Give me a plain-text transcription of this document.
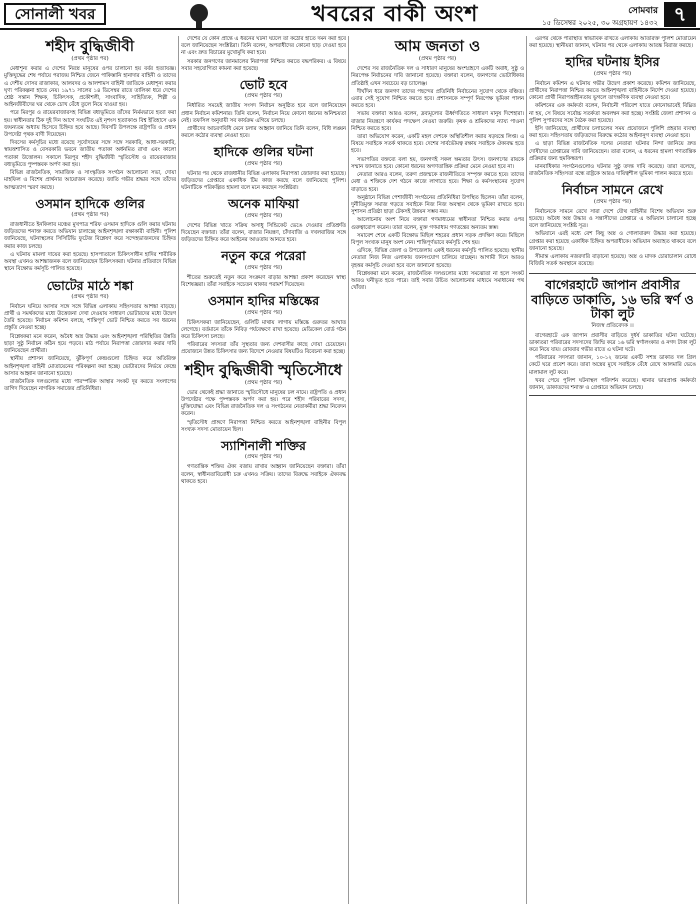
সোনালী খবর	খবরের বাকী অংশ	সোমবার
১৫ ডিসেম্বর ২০২৫, ৩০ অগ্রহায়ণ ১৪৩২ ৭
শহীদ বুদ্ধিজীবী
(প্রথম পৃষ্ঠার পর)

মেধাশূন্য করার এ দেশের নিরস্ত্র মানুষের ওপর চালানো হয় বর্বর হত্যাযজ্ঞ। মুক্তিযুদ্ধের শেষ পর্যায়ে পরাজয় নিশ্চিত জেনে পাকিস্তানি হানাদার বাহিনী ও তাদের এ দেশীয় দোসর রাজাকার, আলবদর ও আলশামস বাহিনী জাতিকে মেধাশূন্য করার ঘৃণ্য পরিকল্পনা হাতে নেয়। ১৯৭১ সালের ১৪ ডিসেম্বর রাতে তালিকা ধরে দেশের শ্রেষ্ঠ সন্তান শিক্ষক, চিকিৎসক, প্রকৌশলী, সাংবাদিক, সাহিত্যিক, শিল্পী ও আইনজীবীদের ঘর থেকে চোখ বেঁধে তুলে নিয়ে যাওয়া হয়।

পরে মিরপুর ও রায়েরবাজারসহ বিভিন্ন বধ্যভূমিতে তাঁদের নির্মমভাবে হত্যা করা হয়। স্বাধীনতার ঠিক দুই দিন আগে সংঘটিত এই নৃশংস হত্যাকাণ্ড বিশ্ব ইতিহাসে এক জঘন্যতম অধ্যায় হিসেবে চিহ্নিত হয়ে আছে। দিবসটি উপলক্ষে রাষ্ট্রপতি ও প্রধান উপদেষ্টা পৃথক বাণী দিয়েছেন।

দিবসের কর্মসূচির মধ্যে রয়েছে সূর্যোদয়ের সঙ্গে সঙ্গে সরকারি, আধা-সরকারি, স্বায়ত্তশাসিত ও বেসরকারি ভবনে জাতীয় পতাকা অর্ধনমিত রাখা এবং কালো পতাকা উত্তোলন। সকালে মিরপুর শহীদ বুদ্ধিজীবী স্মৃতিসৌধ ও রায়েরবাজার বধ্যভূমিতে পুষ্পস্তবক অর্পণ করা হয়।

বিভিন্ন রাজনৈতিক, সামাজিক ও সাংস্কৃতিক সংগঠন আলোচনা সভা, দোয়া মাহফিল ও বিশেষ প্রার্থনার আয়োজন করেছে। জাতি গভীর শ্রদ্ধার সঙ্গে তাঁদের আত্মত্যাগ স্মরণ করছে।

ওসমান হাদিকে গুলির
(প্রথম পৃষ্ঠার পর)

রাজধানীতে ইনকিলাব মঞ্চের মুখপাত্র শরিফ ওসমান হাদিকে গুলি করার ঘটনায় জড়িতদের শনাক্ত করতে অভিযান চালাচ্ছে আইনশৃঙ্খলা রক্ষাকারী বাহিনী। পুলিশ জানিয়েছে, ঘটনাস্থলের সিসিটিভি ফুটেজ বিশ্লেষণ করে সন্দেহভাজনদের চিহ্নিত করার কাজ চলছে।

এ ঘটনায় মামলা দায়ের করা হয়েছে। হাসপাতালে চিকিৎসাধীন হাদির শারীরিক অবস্থা এখনও আশঙ্কাজনক বলে জানিয়েছেন চিকিৎসকরা। ঘটনার প্রতিবাদে বিভিন্ন স্থানে বিক্ষোভ কর্মসূচি পালিত হয়েছে।

ভোটের মাঠে শঙ্কা
(প্রথম পৃষ্ঠার পর)

নির্বাচন ঘনিয়ে আসার সঙ্গে সঙ্গে বিভিন্ন এলাকায় সহিংসতার আশঙ্কা বাড়ছে। প্রার্থী ও সমর্থকদের মধ্যে উত্তেজনা দেখা দেওয়ায় সাধারণ ভোটারদের মধ্যে উদ্বেগ তৈরি হয়েছে। নির্বাচন কমিশন বলছে, শান্তিপূর্ণ ভোট নিশ্চিত করতে সব ধরনের প্রস্তুতি নেওয়া হচ্ছে।

বিশ্লেষকরা মনে করেন, অবৈধ অস্ত্র উদ্ধার এবং আইনশৃঙ্খলা পরিস্থিতির উন্নতি ছাড়া সুষ্ঠু নির্বাচন কঠিন হয়ে পড়বে। মাঠ পর্যায়ে নিরাপত্তা জোরদার করার দাবি জানিয়েছেন প্রার্থীরা।

স্থানীয় প্রশাসন জানিয়েছে, ঝুঁকিপূর্ণ কেন্দ্রগুলো চিহ্নিত করে অতিরিক্ত আইনশৃঙ্খলা বাহিনী মোতায়েনের পরিকল্পনা করা হচ্ছে। ভোটারদের নির্ভয়ে কেন্দ্রে আসার আহ্বান জানানো হয়েছে।

রাজনৈতিক দলগুলোর মধ্যে পারস্পরিক আস্থার সংকট দূর করতে সংলাপের তাগিদ দিয়েছেন নাগরিক সমাজের প্রতিনিধিরা।

দেশের যে কোন প্রান্তে এ ধরনের ঘটনা ঘটলে তা কঠোর হাতে দমন করা হবে বলে জানিয়েছেন সংশ্লিষ্টরা। তিনি বলেন, অপরাধীদের কোনো ছাড় দেওয়া হবে না এবং দ্রুত বিচারের মুখোমুখি করা হবে।

সরকার জনগণের জানমালের নিরাপত্তা নিশ্চিত করতে বদ্ধপরিকর। এ বিষয়ে সবার সহযোগিতা কামনা করা হয়েছে।

ভোট হবে
(প্রথম পৃষ্ঠার পর)

নির্ধারিত সময়েই জাতীয় সংসদ নির্বাচন অনুষ্ঠিত হবে বলে জানিয়েছেন প্রধান নির্বাচন কমিশনার। তিনি বলেন, নির্বাচন নিয়ে কোনো ধরনের অনিশ্চয়তা নেই। তফসিল অনুযায়ী সব কার্যক্রম এগিয়ে চলছে।

প্রার্থীদের আচরণবিধি মেনে চলার আহ্বান জানিয়ে তিনি বলেন, বিধি লঙ্ঘন করলে কঠোর ব্যবস্থা নেওয়া হবে।

হাদিকে গুলির ঘটনা
(প্রথম পৃষ্ঠার পর)

ঘটনার পর থেকে রাজধানীর বিভিন্ন এলাকায় নিরাপত্তা জোরদার করা হয়েছে। জড়িতদের গ্রেপ্তারে একাধিক টিম কাজ করছে বলে জানিয়েছে পুলিশ। ঘটনাটিকে পরিকল্পিত হামলা বলে মনে করছেন সংশ্লিষ্টরা।

অনেক মাফিয়া
(প্রথম পৃষ্ঠার পর)

দেশের বিভিন্ন খাতে সক্রিয় অসাধু সিন্ডিকেট ভেঙে দেওয়ার প্রতিশ্রুতি দিয়েছেন বক্তারা। তাঁরা বলেন, বাজার নিয়ন্ত্রণ, চাঁদাবাজি ও দখলবাজির সঙ্গে জড়িতদের চিহ্নিত করে আইনের আওতায় আনতে হবে।

নতুন করে পরেরা
(প্রথম পৃষ্ঠার পর)

শীতের শুরুতেই নতুন করে সংক্রমণ বাড়ার আশঙ্কা প্রকাশ করেছেন স্বাস্থ্য বিশেষজ্ঞরা। তাঁরা সবাইকে সচেতন থাকার পরামর্শ দিয়েছেন।

ওসমান হাদির মস্তিষ্কের
(প্রথম পৃষ্ঠার পর)

চিকিৎসকরা জানিয়েছেন, গুলিটি মাথায় লাগায় মস্তিষ্কে গুরুতর আঘাত লেগেছে। বর্তমানে তাঁকে নিবিড় পর্যবেক্ষণে রাখা হয়েছে। মেডিকেল বোর্ড গঠন করে চিকিৎসা চলছে।

পরিবারের সদস্যরা তাঁর সুস্থতার জন্য দেশবাসীর কাছে দোয়া চেয়েছেন। প্রয়োজনে উন্নত চিকিৎসার জন্য বিদেশে নেওয়ার বিষয়টিও বিবেচনা করা হচ্ছে।

শহীদ বুদ্ধিজীবী স্মৃতিসৌধে
(প্রথম পৃষ্ঠার পর)

ভোর থেকেই শ্রদ্ধা জানাতে স্মৃতিসৌধে মানুষের ঢল নামে। রাষ্ট্রপতি ও প্রধান উপদেষ্টার পক্ষে পুষ্পস্তবক অর্পণ করা হয়। পরে শহীদ পরিবারের সদস্য, মুক্তিযোদ্ধা এবং বিভিন্ন রাজনৈতিক দল ও সংগঠনের নেতাকর্মীরা শ্রদ্ধা নিবেদন করেন।

স্মৃতিসৌধ প্রাঙ্গণে নিরাপত্তা নিশ্চিত করতে আইনশৃঙ্খলা বাহিনীর বিপুল সংখ্যক সদস্য মোতায়েন ছিল।

স্যাশিনালী শক্তির
(প্রথম পৃষ্ঠার পর)

গণতান্ত্রিক শক্তির ঐক্য বজায় রাখার আহ্বান জানিয়েছেন বক্তারা। তাঁরা বলেন, স্বাধীনতাবিরোধী চক্র এখনও সক্রিয়। তাদের বিরুদ্ধে সবাইকে ঐক্যবদ্ধ থাকতে হবে।

আম জনতা ও
(প্রথম পৃষ্ঠার পর)

দেশের সব রাজনৈতিক দল ও সাধারণ মানুষের অংশগ্রহণে একটি অবাধ, সুষ্ঠু ও নিরপেক্ষ নির্বাচনের দাবি জানানো হয়েছে। বক্তারা বলেন, জনগণের ভোটাধিকার প্রতিষ্ঠাই এখন সবচেয়ে বড় চ্যালেঞ্জ।

দীর্ঘদিন ধরে জনগণ তাদের পছন্দের প্রতিনিধি নির্বাচনের সুযোগ থেকে বঞ্চিত। এবার সেই সুযোগ নিশ্চিত করতে হবে। প্রশাসনকে সম্পূর্ণ নিরপেক্ষ ভূমিকা পালন করতে হবে।

সভায় বক্তারা আরও বলেন, দ্রব্যমূল্যের ঊর্ধ্বগতিতে সাধারণ মানুষ দিশেহারা। বাজার নিয়ন্ত্রণে কার্যকর পদক্ষেপ নেওয়া জরুরি। কৃষক ও শ্রমিকদের ন্যায্য পাওনা নিশ্চিত করতে হবে।

তারা অভিযোগ করেন, একটি মহল দেশকে অস্থিতিশীল করার ষড়যন্ত্রে লিপ্ত। এ বিষয়ে সবাইকে সতর্ক থাকতে হবে। দেশের সার্বভৌমত্ব রক্ষায় সবাইকে ঐক্যবদ্ধ হতে হবে।

সভাপতির বক্তব্যে বলা হয়, জনগণই সকল ক্ষমতার উৎস। জনগণের রায়কে সম্মান জানাতে হবে। কোনো ধরনের অগণতান্ত্রিক প্রক্রিয়া মেনে নেওয়া হবে না।

নেতারা আরও বলেন, তরুণ প্রজন্মকে রাজনীতিতে সম্পৃক্ত করতে হবে। তাদের মেধা ও শক্তিকে দেশ গঠনে কাজে লাগাতে হবে। শিক্ষা ও কর্মসংস্থানের সুযোগ বাড়াতে হবে।

অনুষ্ঠানে বিভিন্ন পেশাজীবী সংগঠনের প্রতিনিধিরা উপস্থিত ছিলেন। তাঁরা বলেন, দুর্নীতিমুক্ত সমাজ গড়তে সবাইকে নিজ নিজ অবস্থান থেকে ভূমিকা রাখতে হবে। সুশাসন প্রতিষ্ঠা ছাড়া টেকসই উন্নয়ন সম্ভব নয়।

আলোচনায় অংশ নিয়ে বক্তারা গণমাধ্যমের স্বাধীনতা নিশ্চিত করার ওপর গুরুত্বারোপ করেন। তারা বলেন, মুক্ত গণমাধ্যম গণতন্ত্রের অন্যতম স্তম্ভ।

সমাবেশ শেষে একটি বিক্ষোভ মিছিল শহরের প্রধান সড়ক প্রদক্ষিণ করে। মিছিলে বিপুল সংখ্যক মানুষ অংশ নেন। শান্তিপূর্ণভাবে কর্মসূচি শেষ হয়।

এদিকে, বিভিন্ন জেলা ও উপজেলায় একই ধরনের কর্মসূচি পালিত হয়েছে। স্থানীয় নেতারা নিজ নিজ এলাকায় জনসংযোগ চালিয়ে যাচ্ছেন। আগামী দিনে আরও বৃহত্তর কর্মসূচি দেওয়া হবে বলে জানানো হয়েছে।

বিশ্লেষকরা মনে করেন, রাজনৈতিক দলগুলোর মধ্যে সমঝোতা না হলে সংকট আরও ঘনীভূত হতে পারে। তাই সবার উচিত আলোচনার মাধ্যমে সমাধানের পথ খোঁজা।

এরপর থেকে পরিস্থিতি স্বাভাবিক রাখতে এলাকায় অতিরিক্ত পুলিশ মোতায়েন করা হয়েছে। স্থানীয়রা জানান, ঘটনার পর থেকে এলাকায় আতঙ্ক বিরাজ করছে।

হাদির ঘটনায় ইসির
(প্রথম পৃষ্ঠার পর)

নির্বাচন কমিশন এ ঘটনায় গভীর উদ্বেগ প্রকাশ করেছে। কমিশন জানিয়েছে, প্রার্থীদের নিরাপত্তা নিশ্চিত করতে আইনশৃঙ্খলা বাহিনীকে নির্দেশ দেওয়া হয়েছে। কোনো প্রার্থী নিরাপত্তাহীনতায় ভুগলে তাৎক্ষণিক ব্যবস্থা নেওয়া হবে।

কমিশনের এক কর্মকর্তা বলেন, নির্বাচনী পরিবেশ যাতে কোনোভাবেই বিঘ্নিত না হয়, সে বিষয়ে সর্বোচ্চ সতর্কতা অবলম্বন করা হচ্ছে। সংশ্লিষ্ট জেলা প্রশাসন ও পুলিশ সুপারদের সঙ্গে বৈঠক করা হয়েছে।

ইসি জানিয়েছে, প্রার্থীদের চলাচলের সময় প্রয়োজনে পুলিশি প্রহরার ব্যবস্থা করা হবে। সহিংসতায় জড়িতদের বিরুদ্ধে কঠোর আইনানুগ ব্যবস্থা নেওয়া হবে।

এ ছাড়া বিভিন্ন রাজনৈতিক দলের নেতারা ঘটনার নিন্দা জানিয়ে দ্রুত দোষীদের গ্রেপ্তারের দাবি জানিয়েছেন। তারা বলেন, এ ধরনের হামলা গণতান্ত্রিক প্রক্রিয়ার জন্য হুমকিস্বরূপ।

মানবাধিকার সংগঠনগুলোও ঘটনার সুষ্ঠু তদন্ত দাবি করেছে। তারা বলেছে, রাজনৈতিক সহিংসতা বন্ধে রাষ্ট্রকে আরও দায়িত্বশীল ভূমিকা পালন করতে হবে।

নির্বাচন সামনে রেখে
(প্রথম পৃষ্ঠার পর)

নির্বাচনকে সামনে রেখে সারা দেশে যৌথ বাহিনীর বিশেষ অভিযান শুরু হয়েছে। অবৈধ অস্ত্র উদ্ধার ও সন্ত্রাসীদের গ্রেপ্তারে এ অভিযান চালানো হচ্ছে বলে জানিয়েছে সংশ্লিষ্ট সূত্র।

অভিযানে এরই মধ্যে বেশ কিছু অস্ত্র ও গোলাবারুদ উদ্ধার করা হয়েছে। গ্রেপ্তার করা হয়েছে একাধিক চিহ্নিত অপরাধীকে। অভিযান অব্যাহত থাকবে বলে জানানো হয়েছে।

সীমান্ত এলাকায় নজরদারি বাড়ানো হয়েছে। অস্ত্র ও মাদক চোরাচালান রোধে বিজিবি সতর্ক অবস্থানে রয়েছে।

বাগেরহাটে জাপান প্রবাসীর বাড়িতে ডাকাতি, ১৬ ভরি স্বর্ণ ও টাকা লুট
নিজস্ব প্রতিবেদক ।।

বাগেরহাটে এক জাপান প্রবাসীর বাড়িতে দুর্ধর্ষ ডাকাতির ঘটনা ঘটেছে। ডাকাতরা পরিবারের সদস্যদের জিম্মি করে ১৬ ভরি স্বর্ণালংকার ও নগদ টাকা লুট করে নিয়ে যায়। রোববার গভীর রাতে এ ঘটনা ঘটে।

পরিবারের সদস্যরা জানান, ১০-১২ জনের একটি সশস্ত্র ডাকাত দল গ্রিল কেটে ঘরে প্রবেশ করে। তারা অস্ত্রের মুখে সবাইকে বেঁধে রেখে আলমারি ভেঙে মালামাল লুট করে।

খবর পেয়ে পুলিশ ঘটনাস্থল পরিদর্শন করেছে। থানার ভারপ্রাপ্ত কর্মকর্তা জানান, ডাকাতদের শনাক্ত ও গ্রেপ্তারে অভিযান চলছে।
